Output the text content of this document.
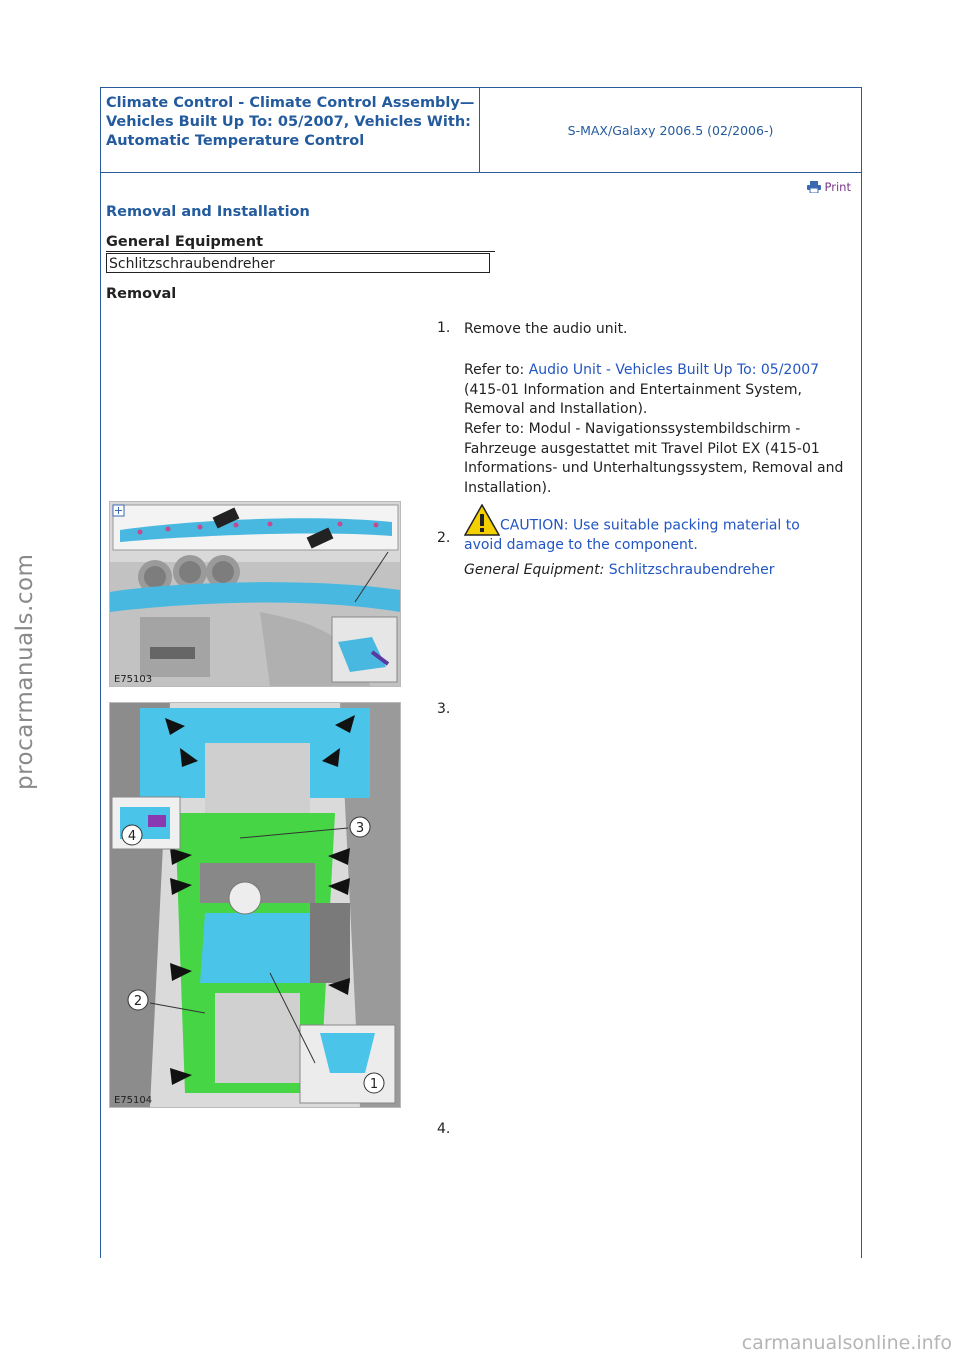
Climate Control - Climate Control Assembly—Vehicles Built Up To: 05/2007, Vehicles With: Automatic Temperature Control

S-MAX/Galaxy 2006.5 (02/2006-)
Print
Removal and Installation
General Equipment
Schlitzschraubendreher
Removal
1. Remove the audio unit.
Refer to: Audio Unit - Vehicles Built Up To: 05/2007 (415-01 Information and Entertainment System, Removal and Installation).
Refer to: Modul - Navigationssystembildschirm - Fahrzeuge ausgestattet mit Travel Pilot EX (415-01 Informations- und Unterhaltungssystem, Removal and Installation).
E75103
2.
CAUTION: Use suitable packing material to avoid damage to the component.
General Equipment: Schlitzschraubendreher
3
4
2
1
E75104
3.
4.
procarmanuals.com
carmanualsonline.info
